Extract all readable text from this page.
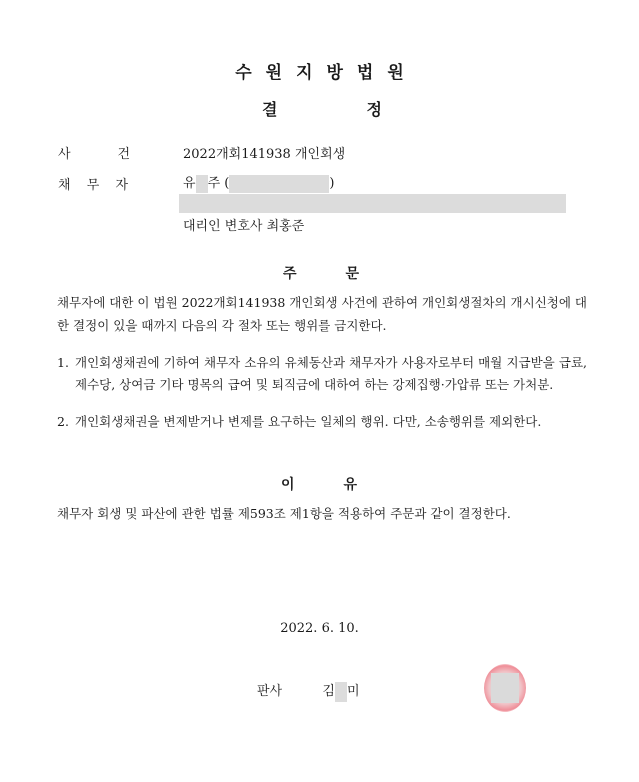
수원지방법원
결	정
사	건	2022개회141938 개인회생
채 무 자	유 주 (	)
대리인 변호사 최홍준
주	문
채무자에 대한 이 법원 2022개회141938 개인회생 사건에 관하여 개인회생절차의 개시신청에 대한 결정이 있을 때까지 다음의 각 절차 또는 행위를 금지한다.
1. 개인회생채권에 기하여 채무자 소유의 유체동산과 채무자가 사용자로부터 매월 지급받을 급료, 제수당, 상여금 기타 명목의 급여 및 퇴직금에 대하여 하는 강제집행·가압류 또는 가처분.
2. 개인회생채권을 변제받거나 변제를 요구하는 일체의 행위. 다만, 소송행위를 제외한다.
이	유
채무자 회생 및 파산에 관한 법률 제593조 제1항을 적용하여 주문과 같이 결정한다.
2022. 6. 10.
판사	김 미
